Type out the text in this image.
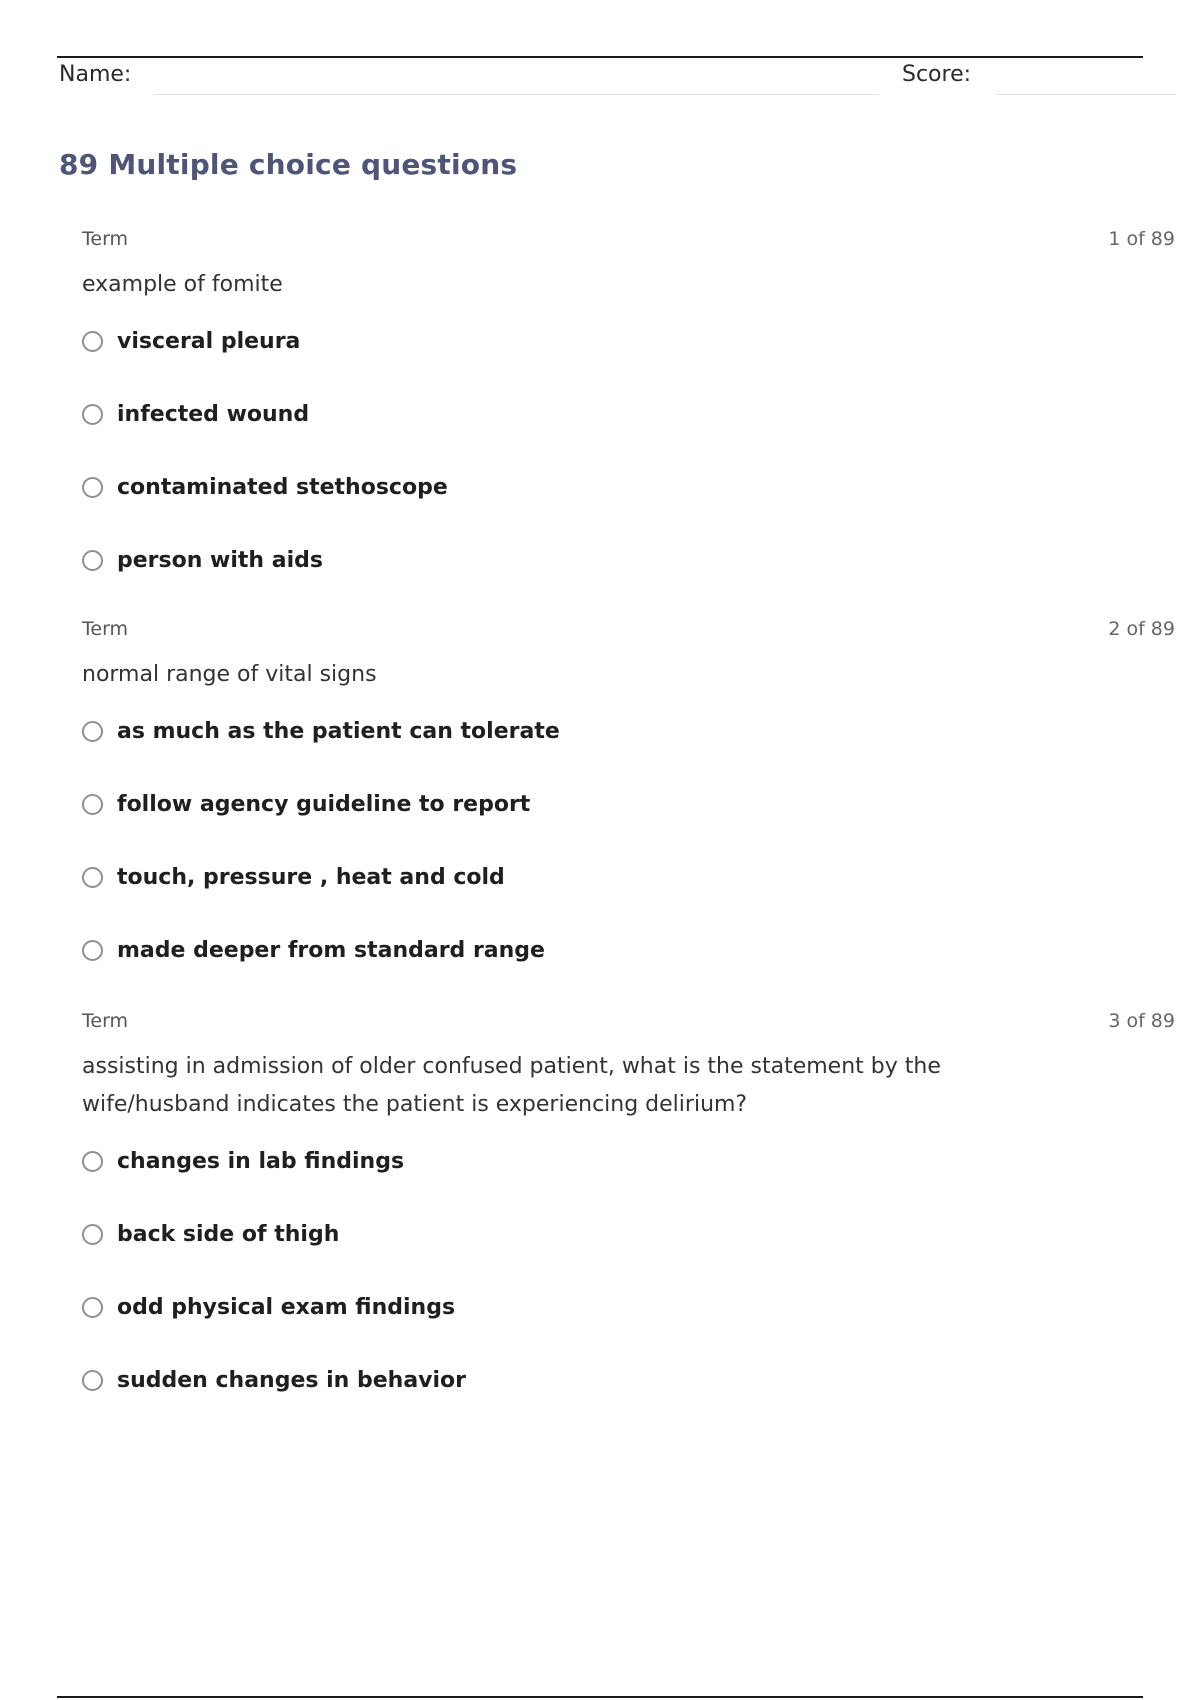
Name:	Score:
89 Multiple choice questions
Term	1 of 89
example of fomite
visceral pleura
infected wound
contaminated stethoscope
person with aids
Term	2 of 89
normal range of vital signs
as much as the patient can tolerate
follow agency guideline to report
touch, pressure , heat and cold
made deeper from standard range
Term	3 of 89
assisting in admission of older confused patient, what is the statement by the wife/husband indicates the patient is experiencing delirium?
changes in lab findings
back side of thigh
odd physical exam findings
sudden changes in behavior
